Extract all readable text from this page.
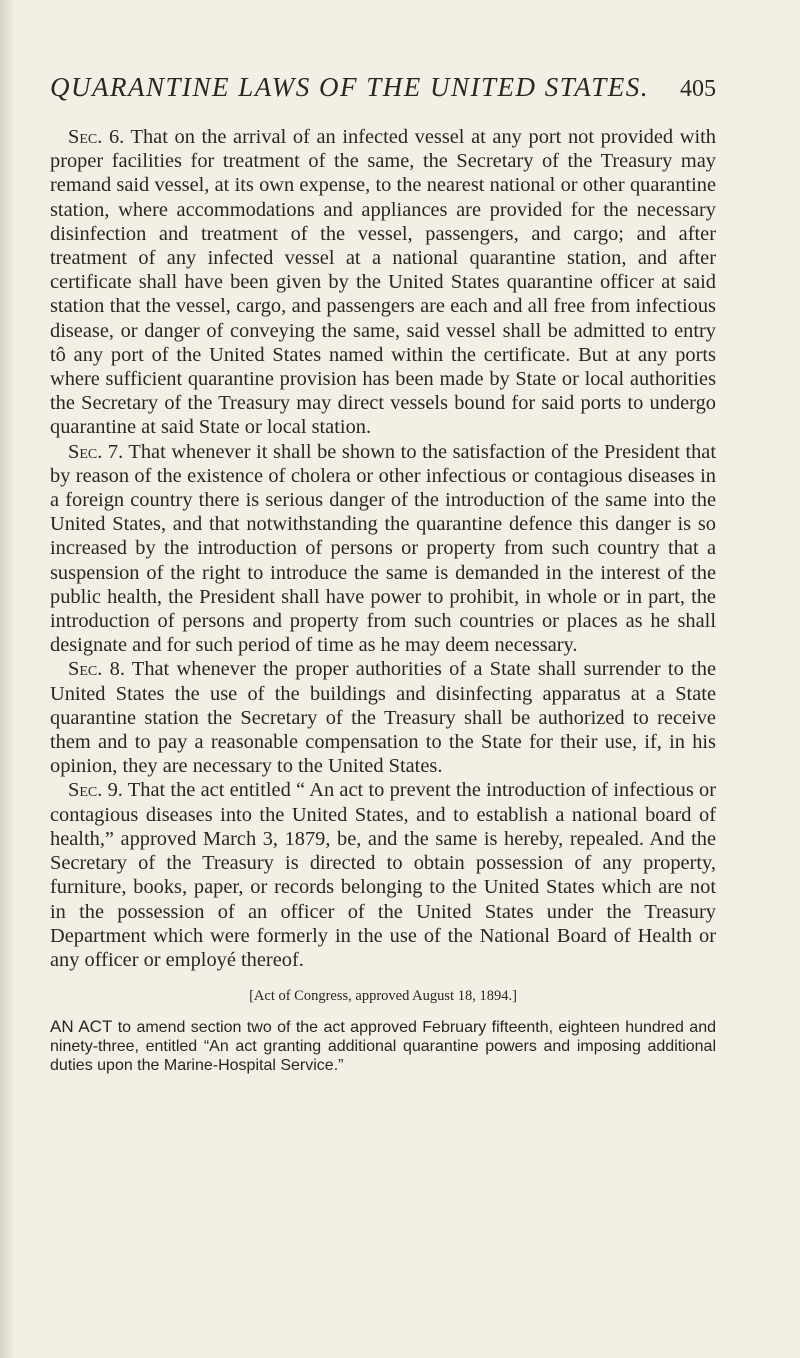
QUARANTINE LAWS OF THE UNITED STATES.	405

Sec. 6. That on the arrival of an infected vessel at any port not provided with proper facilities for treatment of the same, the Secretary of the Treasury may remand said vessel, at its own expense, to the nearest national or other quarantine station, where accommodations and appliances are provided for the necessary disinfection and treatment of the vessel, passengers, and cargo; and after treatment of any infected vessel at a national quarantine station, and after certificate shall have been given by the United States quarantine officer at said station that the vessel, cargo, and passengers are each and all free from infectious disease, or danger of conveying the same, said vessel shall be admitted to entry tô any port of the United States named within the certificate. But at any ports where sufficient quarantine provision has been made by State or local authorities the Secretary of the Treasury may direct vessels bound for said ports to undergo quarantine at said State or local station.

Sec. 7. That whenever it shall be shown to the satisfaction of the President that by reason of the existence of cholera or other infectious or contagious diseases in a foreign country there is serious danger of the introduction of the same into the United States, and that notwithstanding the quarantine defence this danger is so increased by the introduction of persons or property from such country that a suspension of the right to introduce the same is demanded in the interest of the public health, the President shall have power to prohibit, in whole or in part, the introduction of persons and property from such countries or places as he shall designate and for such period of time as he may deem necessary.

Sec. 8. That whenever the proper authorities of a State shall surrender to the United States the use of the buildings and disinfecting apparatus at a State quarantine station the Secretary of the Treasury shall be authorized to receive them and to pay a reasonable compensation to the State for their use, if, in his opinion, they are necessary to the United States.

Sec. 9. That the act entitled “ An act to prevent the introduction of infectious or contagious diseases into the United States, and to establish a national board of health,” approved March 3, 1879, be, and the same is hereby, repealed. And the Secretary of the Treasury is directed to obtain possession of any property, furniture, books, paper, or records belonging to the United States which are not in the possession of an officer of the United States under the Treasury Department which were formerly in the use of the National Board of Health or any officer or employé thereof.

[Act of Congress, approved August 18, 1894.]

AN ACT to amend section two of the act approved February fifteenth, eighteen hundred and ninety-three, entitled “An act granting additional quarantine powers and imposing additional duties upon the Marine-Hospital Service.”
